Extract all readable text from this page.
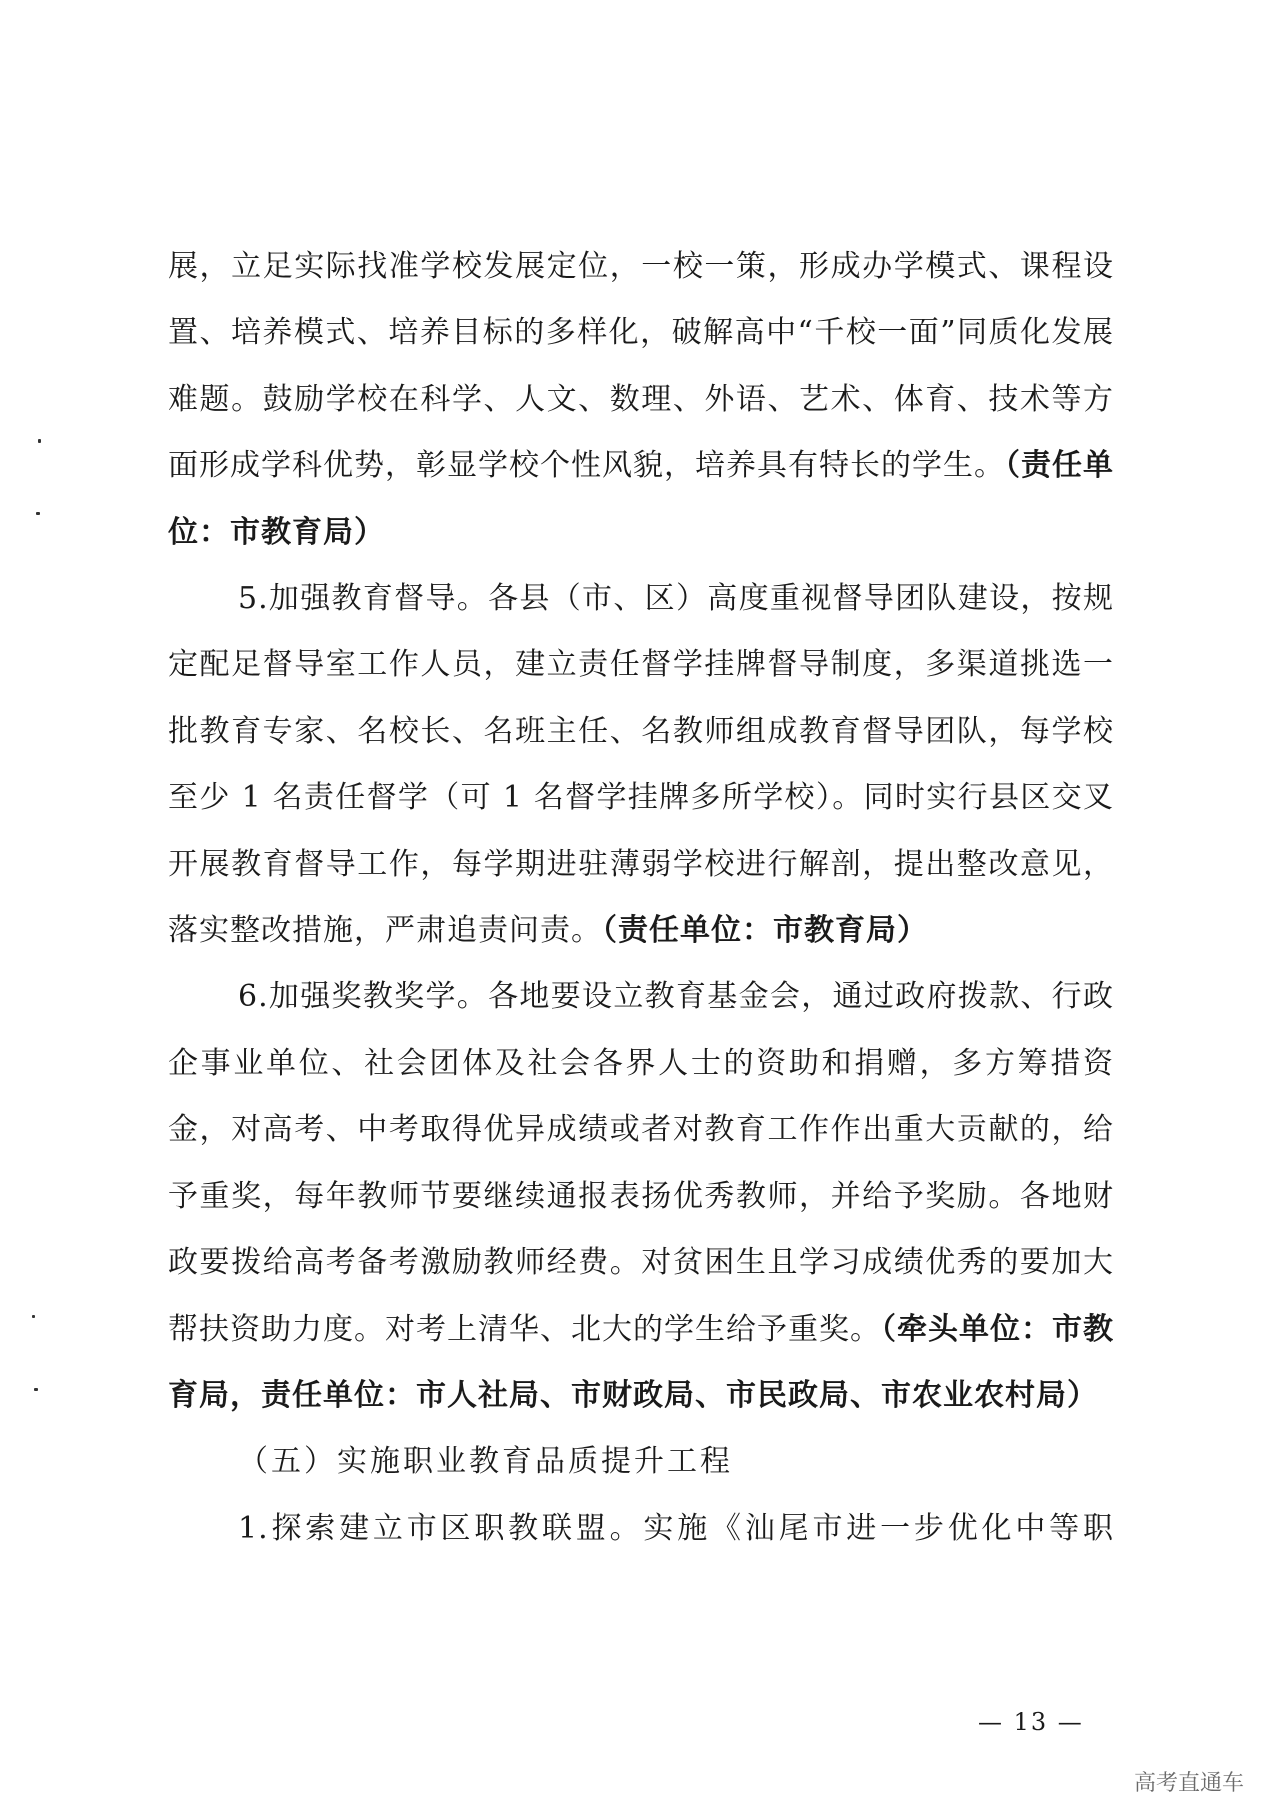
展，立足实际找准学校发展定位，一校一策，形成办学模式、课程设置、培养模式、培养目标的多样化，破解高中“千校一面”同质化发展难题。鼓励学校在科学、人文、数理、外语、艺术、体育、技术等方面形成学科优势，彰显学校个性风貌，培养具有特长的学生。（责任单位：市教育局）

5.加强教育督导。各县（市、区）高度重视督导团队建设，按规定配足督导室工作人员，建立责任督学挂牌督导制度，多渠道挑选一批教育专家、名校长、名班主任、名教师组成教育督导团队，每学校至少 1 名责任督学（可 1 名督学挂牌多所学校）。同时实行县区交叉开展教育督导工作，每学期进驻薄弱学校进行解剖，提出整改意见，落实整改措施，严肃追责问责。（责任单位：市教育局）

6.加强奖教奖学。各地要设立教育基金会，通过政府拨款、行政企事业单位、社会团体及社会各界人士的资助和捐赠，多方筹措资金，对高考、中考取得优异成绩或者对教育工作作出重大贡献的，给予重奖，每年教师节要继续通报表扬优秀教师，并给予奖励。各地财政要拨给高考备考激励教师经费。对贫困生且学习成绩优秀的要加大帮扶资助力度。对考上清华、北大的学生给予重奖。（牵头单位：市教育局，责任单位：市人社局、市财政局、市民政局、市农业农村局）

（五）实施职业教育品质提升工程

1.探索建立市区职教联盟。实施《汕尾市进一步优化中等职

— 13 —
高考直通车
